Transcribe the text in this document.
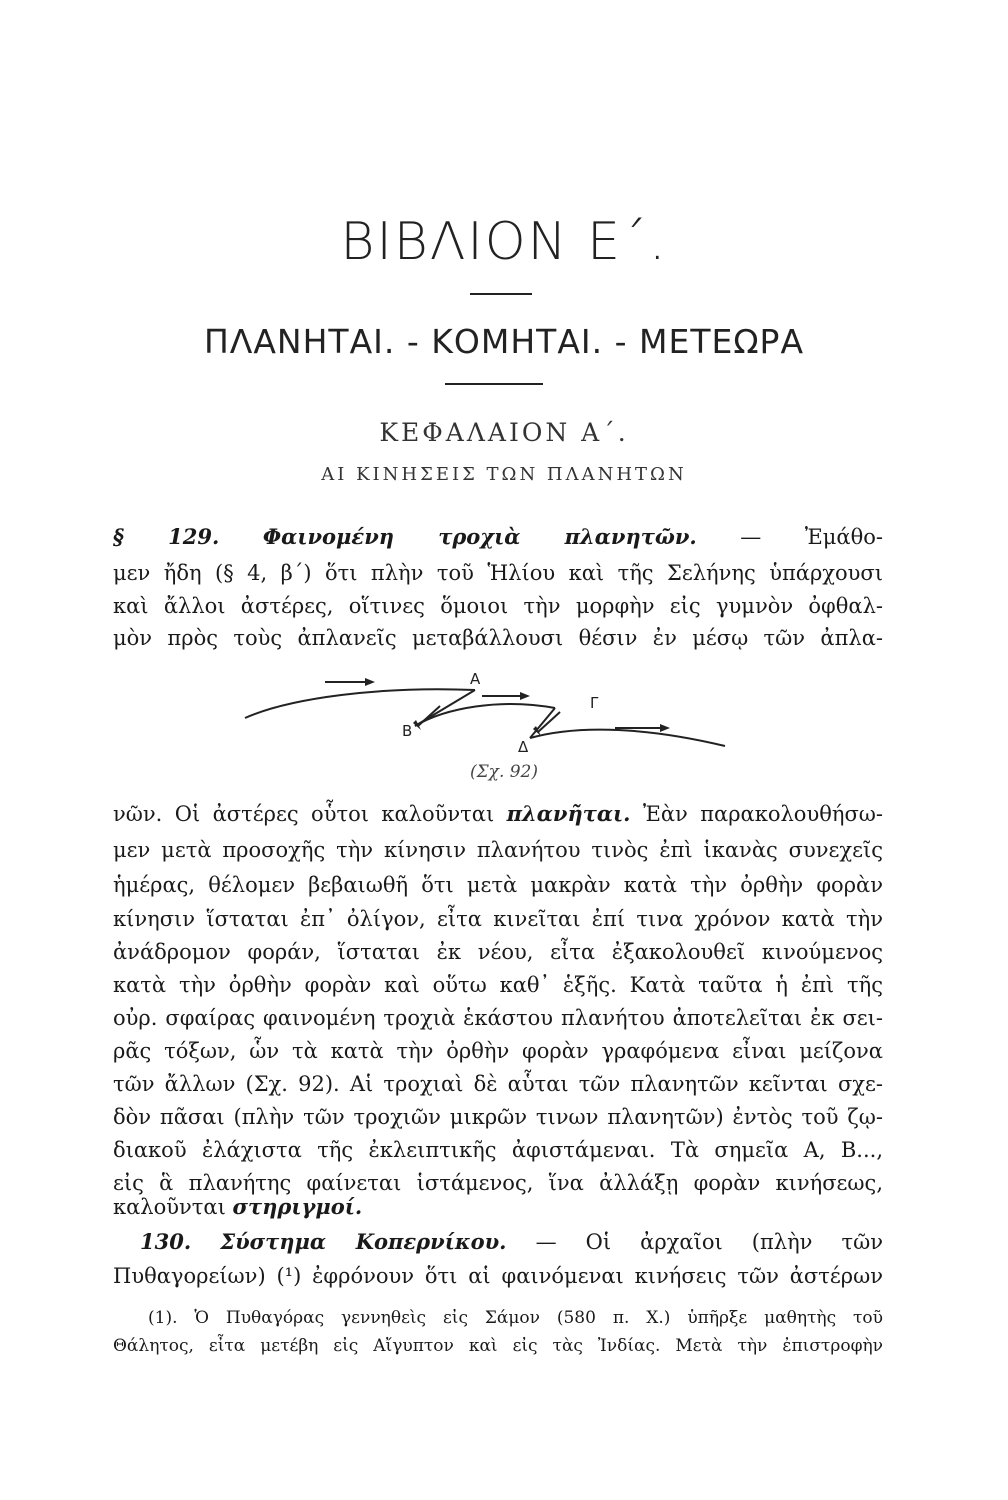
ΒΙΒΛΙΟΝ Ε΄.
ΠΛΑΝΗΤΑΙ. - ΚΟΜΗΤΑΙ. - ΜΕΤΕΩΡΑ
ΚΕΦΑΛΑΙΟΝ Α΄.
ΑΙ ΚΙΝΗΣΕΙΣ ΤΩΝ ΠΛΑΝΗΤΩΝ
§ 129. Φαινομένη τροχιὰ πλανητῶν. — Ἐμάθο-
μεν ἤδη (§ 4, β΄) ὅτι πλὴν τοῦ Ἡλίου καὶ τῆς Σελήνης ὑπάρχουσι
καὶ ἄλλοι ἀστέρες, οἵτινες ὅμοιοι τὴν μορφὴν εἰς γυμνὸν ὀφθαλ-
μὸν πρὸς τοὺς ἀπλανεῖς μεταβάλλουσι θέσιν ἐν μέσῳ τῶν ἀπλα-
Α
Β
Γ
Δ
(Σχ. 92)
νῶν. Οἱ ἀστέρες οὗτοι καλοῦνται πλανῆται. Ἐὰν παρακολουθήσω-
μεν μετὰ προσοχῆς τὴν κίνησιν πλανήτου τινὸς ἐπὶ ἱκανὰς συνεχεῖς
ἡμέρας, θέλομεν βεβαιωθῆ ὅτι μετὰ μακρὰν κατὰ τὴν ὀρθὴν φορὰν
κίνησιν ἵσταται ἐπ᾿ ὀλίγον, εἶτα κινεῖται ἐπί τινα χρόνον κατὰ τὴν
ἀνάδρομον φοράν, ἵσταται ἐκ νέου, εἶτα ἐξακολουθεῖ κινούμενος
κατὰ τὴν ὀρθὴν φορὰν καὶ οὕτω καθ᾿ ἑξῆς. Κατὰ ταῦτα ἡ ἐπὶ τῆς
οὐρ. σφαίρας φαινομένη τροχιὰ ἑκάστου πλανήτου ἀποτελεῖται ἐκ σει-
ρᾶς τόξων, ὧν τὰ κατὰ τὴν ὀρθὴν φορὰν γραφόμενα εἶναι μείζονα
τῶν ἄλλων (Σχ. 92). Αἱ τροχιαὶ δὲ αὗται τῶν πλανητῶν κεῖνται σχε-
δὸν πᾶσαι (πλὴν τῶν τροχιῶν μικρῶν τινων πλανητῶν) ἐντὸς τοῦ ζῳ-
διακοῦ ἐλάχιστα τῆς ἐκλειπτικῆς ἀφιστάμεναι. Τὰ σημεῖα Α, Β...,
εἰς ἃ πλανήτης φαίνεται ἱστάμενος, ἵνα ἀλλάξῃ φορὰν κινήσεως,
καλοῦνται στηριγμοί.
130. Σύστημα Κοπερνίκου. — Οἱ ἀρχαῖοι (πλὴν τῶν
Πυθαγορείων) (¹) ἐφρόνουν ὅτι αἱ φαινόμεναι κινήσεις τῶν ἀστέρων
(1). Ὁ Πυθαγόρας γεννηθεὶς εἰς Σάμον (580 π. Χ.) ὑπῆρξε μαθητὴς τοῦ
Θάλητος, εἶτα μετέβη εἰς Αἴγυπτον καὶ εἰς τὰς Ἰνδίας. Μετὰ τὴν ἐπιστροφὴν
